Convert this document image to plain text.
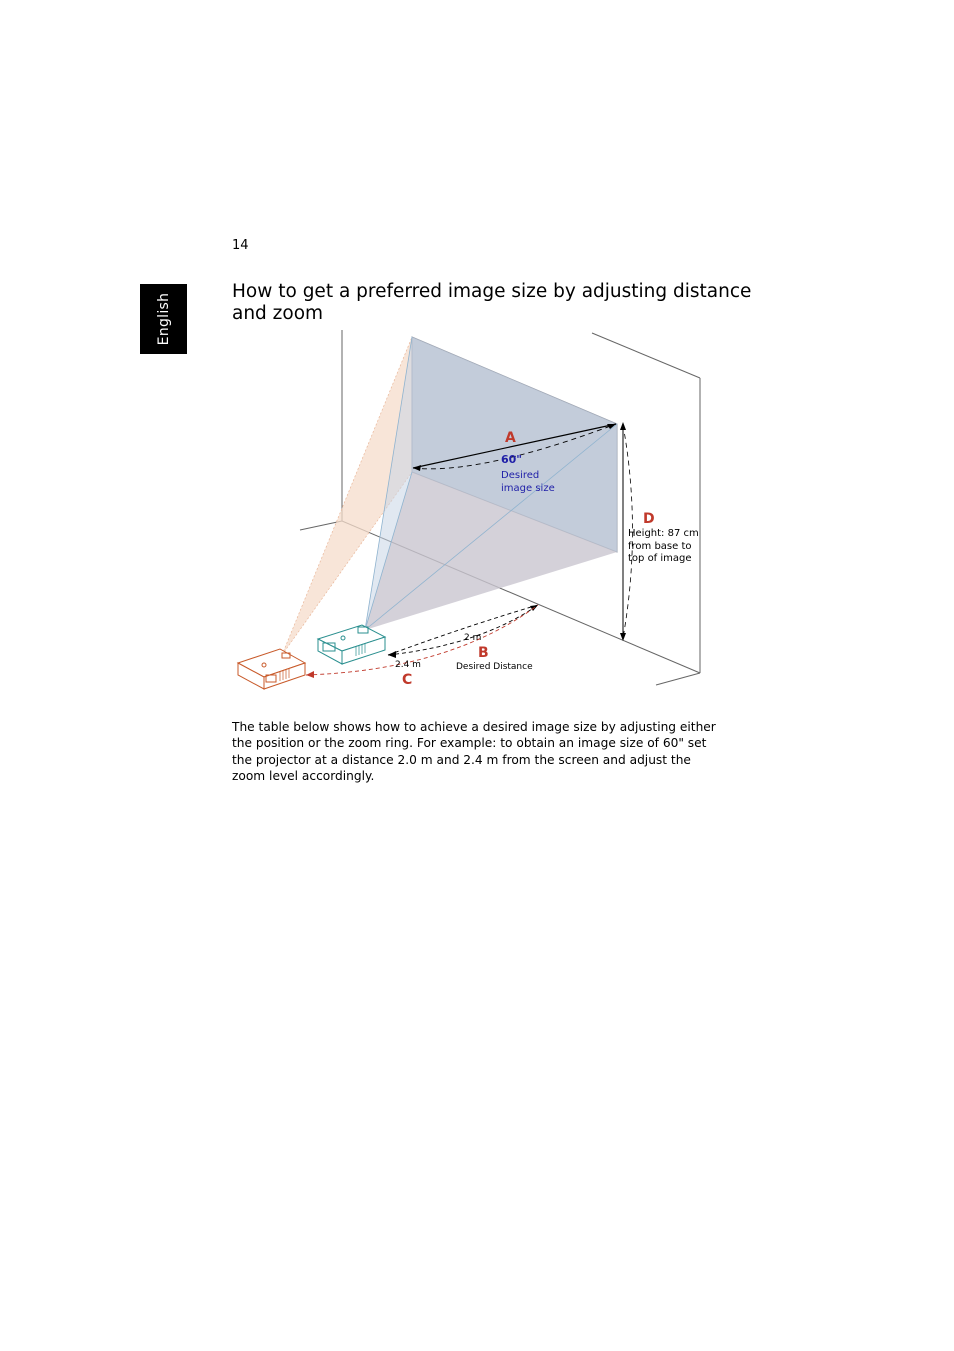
14
English
How to get a preferred image size by adjusting distance and zoom
A
60"
Desired
image size
D
Height: 87 cm
from base to
top of image
2 m
2.4 m
B
Desired Distance
C

The table below shows how to achieve a desired image size by adjusting either the position or the zoom ring. For example: to obtain an image size of 60" set the projector at a distance 2.0 m and 2.4 m from the screen and adjust the zoom level accordingly.
